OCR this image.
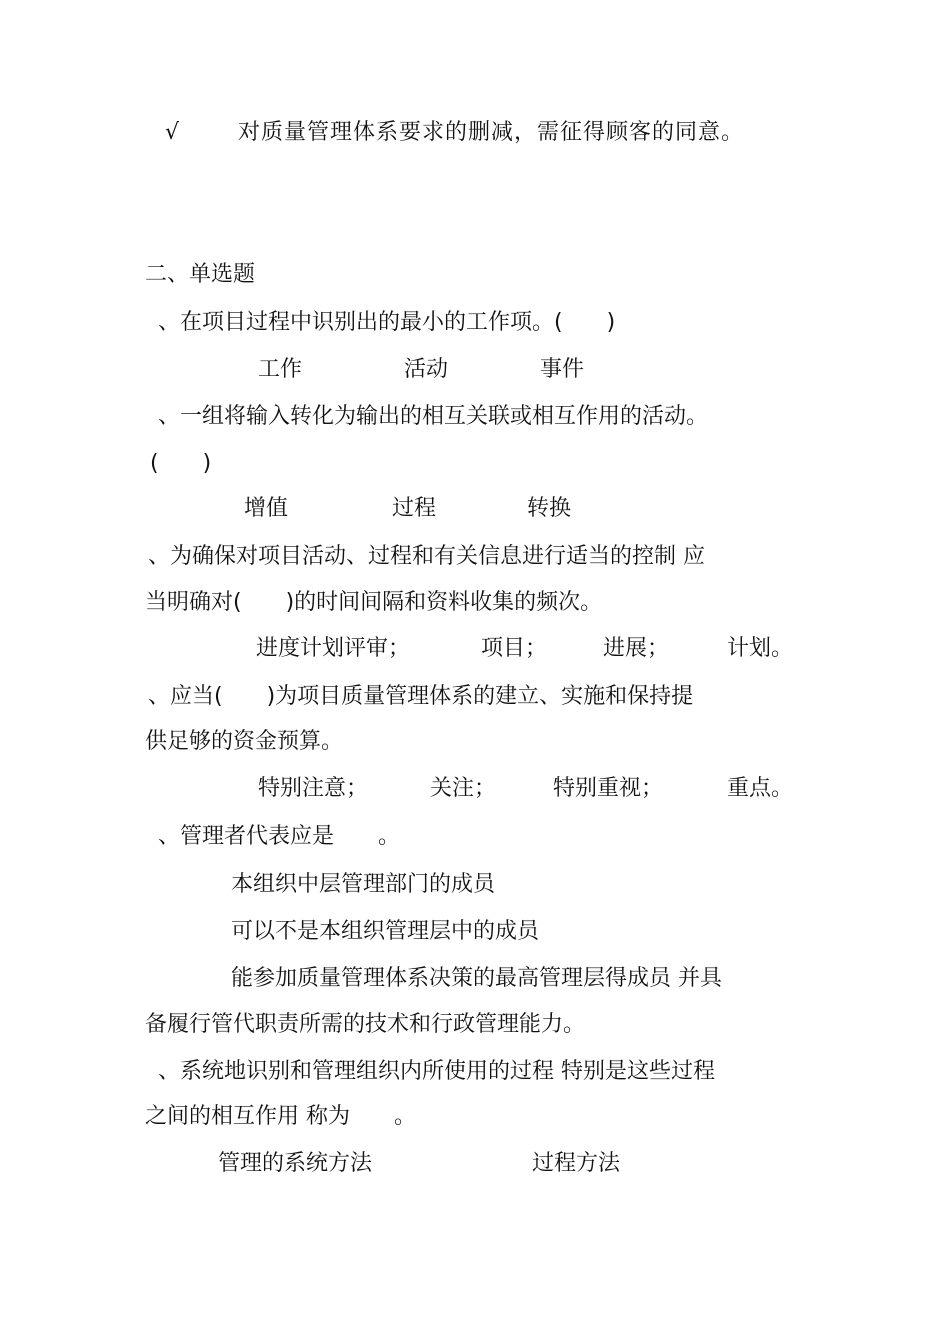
√	对质量管理体系要求的删减，需征得顾客的同意。
二、单选题
、在项目过程中识别出的最小的工作项。(　　)
工作	活动	事件
、一组将输入转化为输出的相互关联或相互作用的活动。
(　　)
增值	过程	转换
、为确保对项目活动、过程和有关信息进行适当的控制 应
当明确对(　　)的时间间隔和资料收集的频次。
进度计划评审；	项目；	进展；	计划。
、应当(　　)为项目质量管理体系的建立、实施和保持提
供足够的资金预算。
特别注意；	关注；	特别重视；	重点。
、管理者代表应是　　。
本组织中层管理部门的成员
可以不是本组织管理层中的成员
能参加质量管理体系决策的最高管理层得成员 并具
备履行管代职责所需的技术和行政管理能力。
、系统地识别和管理组织内所使用的过程 特别是这些过程
之间的相互作用 称为　　。
管理的系统方法	过程方法
